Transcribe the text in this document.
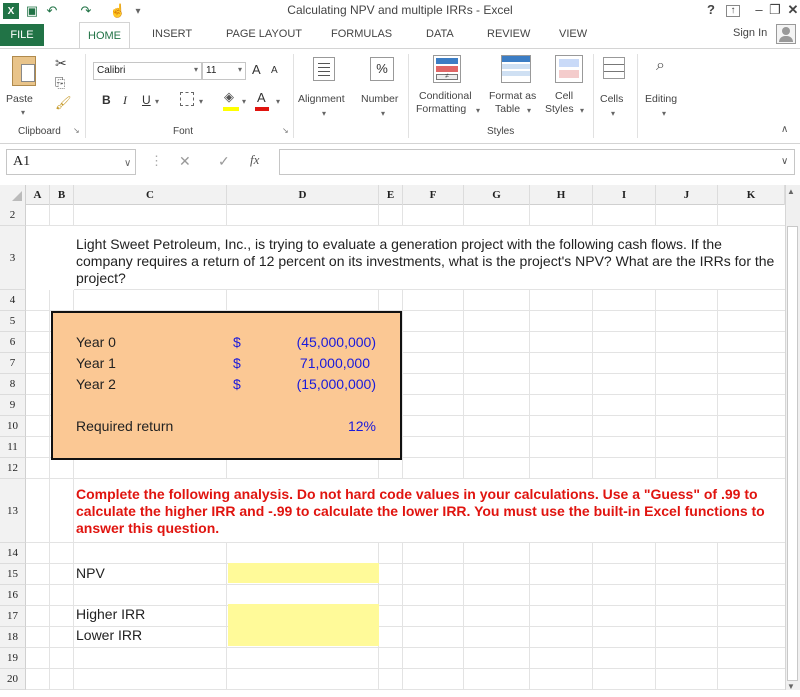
X ▣ ↶ ↷ ☝ ▾	Calculating NPV and multiple IRRs - Excel	?	↑	– ❐ ✕
FILE	HOME	INSERT	PAGE LAYOUT	FORMULAS	DATA	REVIEW	VIEW	Sign In
Paste
▾
✂
⎘
🖌
Clipboard ↘
Calibri	▾ 11	▾ A A
B I U ▾	▾ ◈ ▾ A ▾
Font	↘
Alignment
▾
%
Number
▾
≠
Conditional
Formatting ▾
Format as
Table ▾
Cell
Styles ▾
Styles
Cells
▾
⌕
Editing
▾
∧
A1	∨ ⋮ ✕ ✓ fx	∨
A	B	C	D	E	F	G	H	I	J	K
2
3
4
5
6
7
8
9
10
11
12
13
14
15
16
17
18
19
20
Light Sweet Petroleum, Inc., is trying to evaluate a generation project with the following cash flows. If the company requires a return of 12 percent on its investments, what is the project's NPV? What are the IRRs for the project?
Year 0	$	(45,000,000)
Year 1	$	71,000,000
Year 2	$	(15,000,000)
Required return	12%
Complete the following analysis. Do not hard code values in your calculations. Use a "Guess" of .99 to calculate the higher IRR and -.99 to calculate the lower IRR. You must use the built-in Excel functions to answer this question.
NPV
Higher IRR
Lower IRR
▲
▼
